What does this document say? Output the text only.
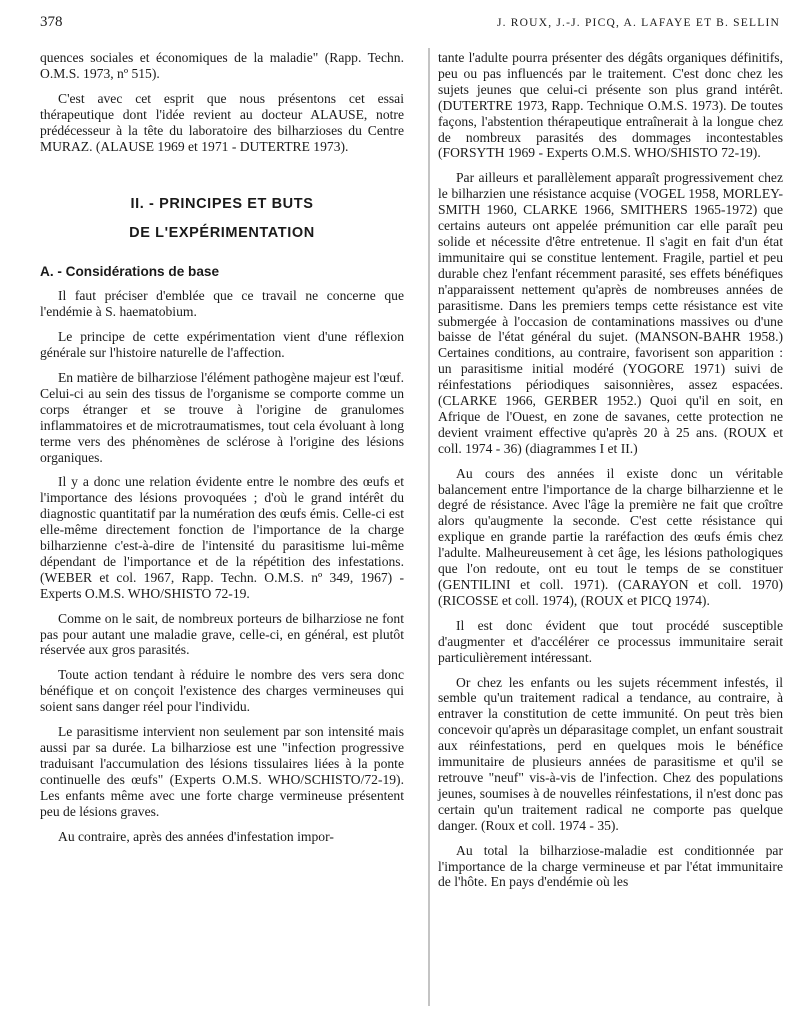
378	J. ROUX, J.-J. PICQ, A. LAFAYE ET B. SELLIN

quences sociales et économiques de la maladie" (Rapp. Techn. O.M.S. 1973, nº 515).

C'est avec cet esprit que nous présentons cet essai thérapeutique dont l'idée revient au docteur ALAUSE, notre prédécesseur à la tête du laboratoire des bilharzioses du Centre MURAZ. (ALAUSE 1969 et 1971 - DUTERTRE 1973).

II. - PRINCIPES ET BUTS
DE L'EXPÉRIMENTATION
A. - Considérations de base

Il faut préciser d'emblée que ce travail ne concerne que l'endémie à S. haematobium.

Le principe de cette expérimentation vient d'une réflexion générale sur l'histoire naturelle de l'affection.

En matière de bilharziose l'élément pathogène majeur est l'œuf. Celui-ci au sein des tissus de l'organisme se comporte comme un corps étranger et se trouve à l'origine de granulomes inflammatoires et de microtraumatismes, tout cela évoluant à long terme vers des phénomènes de sclérose à l'origine des lésions organiques.

Il y a donc une relation évidente entre le nombre des œufs et l'importance des lésions provoquées ; d'où le grand intérêt du diagnostic quantitatif par la numération des œufs émis. Celle-ci est elle-même directement fonction de l'importance de la charge bilharzienne c'est-à-dire de l'intensité du parasitisme lui-même dépendant de l'importance et de la répétition des infestations. (WEBER et col. 1967, Rapp. Techn. O.M.S. nº 349, 1967) - Experts O.M.S. WHO/SHISTO 72-19.

Comme on le sait, de nombreux porteurs de bilharziose ne font pas pour autant une maladie grave, celle-ci, en général, est plutôt réservée aux gros parasités.

Toute action tendant à réduire le nombre des vers sera donc bénéfique et on conçoit l'existence des charges vermineuses qui soient sans danger réel pour l'individu.

Le parasitisme intervient non seulement par son intensité mais aussi par sa durée. La bilharziose est une "infection progressive traduisant l'accumulation des lésions tissulaires liées à la ponte continuelle des œufs" (Experts O.M.S. WHO/SCHISTO/72-19). Les enfants même avec une forte charge vermineuse présentent peu de lésions graves.

Au contraire, après des années d'infestation impor-

tante l'adulte pourra présenter des dégâts organiques définitifs, peu ou pas influencés par le traitement. C'est donc chez les sujets jeunes que celui-ci présente son plus grand intérêt. (DUTERTRE 1973, Rapp. Technique O.M.S. 1973). De toutes façons, l'abstention thérapeutique entraînerait à la longue chez de nombreux parasités des dommages incontestables (FORSYTH 1969 - Experts O.M.S. WHO/SHISTO 72-19).

Par ailleurs et parallèlement apparaît progressivement chez le bilharzien une résistance acquise (VOGEL 1958, MORLEY-SMITH 1960, CLARKE 1966, SMITHERS 1965-1972) que certains auteurs ont appelée prémunition car elle paraît peu solide et nécessite d'être entretenue. Il s'agit en fait d'un état immunitaire qui se constitue lentement. Fragile, partiel et peu durable chez l'enfant récemment parasité, ses effets bénéfiques n'apparaissent nettement qu'après de nombreuses années de parasitisme. Dans les premiers temps cette résistance est vite submergée à l'occasion de contaminations massives ou d'une baisse de l'état général du sujet. (MANSON-BAHR 1958.) Certaines conditions, au contraire, favorisent son apparition : un parasitisme initial modéré (YOGORE 1971) suivi de réinfestations périodiques saisonnières, assez espacées. (CLARKE 1966, GERBER 1952.) Quoi qu'il en soit, en Afrique de l'Ouest, en zone de savanes, cette protection ne devient vraiment effective qu'après 20 à 25 ans. (ROUX et coll. 1974 - 36) (diagrammes I et II.)

Au cours des années il existe donc un véritable balancement entre l'importance de la charge bilharzienne et le degré de résistance. Avec l'âge la première ne fait que croître alors qu'augmente la seconde. C'est cette résistance qui explique en grande partie la raréfaction des œufs émis chez l'adulte. Malheureusement à cet âge, les lésions pathologiques que l'on redoute, ont eu tout le temps de se constituer (GENTILINI et coll. 1971). (CARAYON et coll. 1970) (RICOSSE et coll. 1974), (ROUX et PICQ 1974).

Il est donc évident que tout procédé susceptible d'augmenter et d'accélérer ce processus immunitaire serait particulièrement intéressant.

Or chez les enfants ou les sujets récemment infestés, il semble qu'un traitement radical a tendance, au contraire, à entraver la constitution de cette immunité. On peut très bien concevoir qu'après un déparasitage complet, un enfant soustrait aux réinfestations, perd en quelques mois le bénéfice immunitaire de plusieurs années de parasitisme et qu'il se retrouve "neuf" vis-à-vis de l'infection. Chez des populations jeunes, soumises à de nouvelles réinfestations, il n'est donc pas certain qu'un traitement radical ne comporte pas quelque danger. (Roux et coll. 1974 - 35).

Au total la bilharziose-maladie est conditionnée par l'importance de la charge vermineuse et par l'état immunitaire de l'hôte. En pays d'endémie où les
